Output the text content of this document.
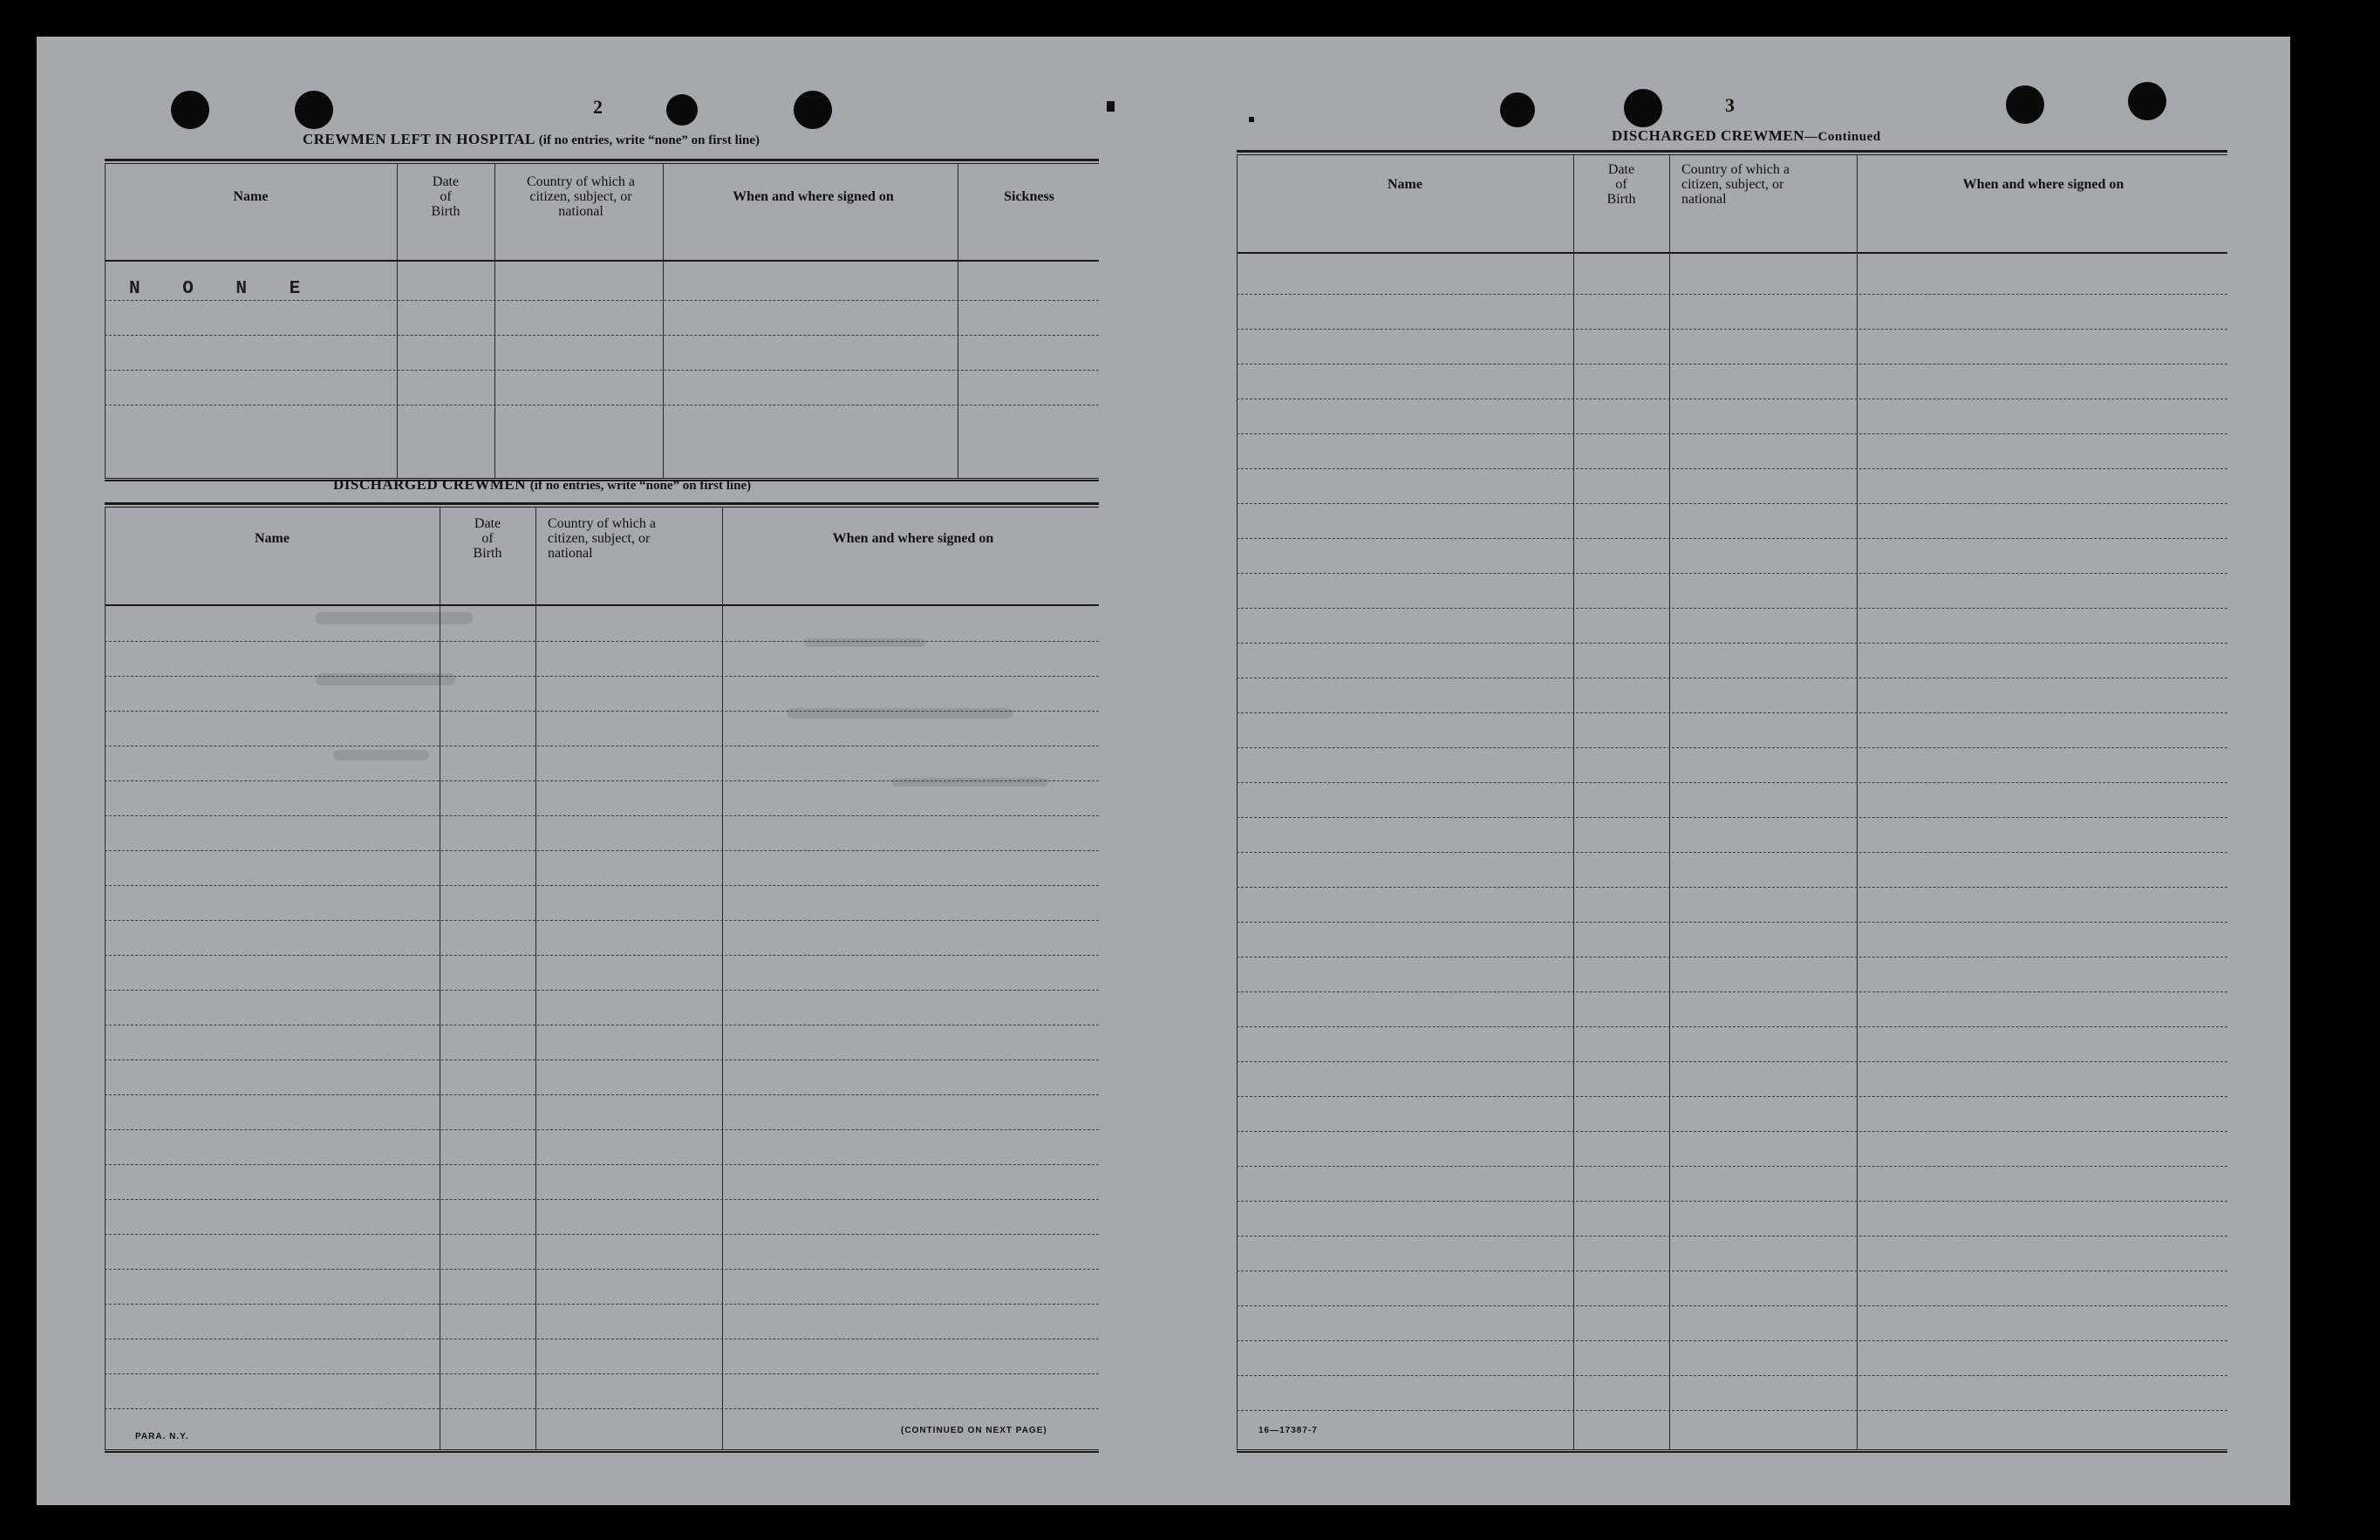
2
CREWMEN LEFT IN HOSPITAL (if no entries, write “none” on first line)
Name
Date
of
Birth
Country of which a
citizen, subject, or
national
When and where signed on	Sickness
N O N E
DISCHARGED CREWMEN (if no entries, write “none” on first line)
Name
Date
of
Birth
Country of which a
citizen, subject, or
national
When and where signed on
PARA. N.Y.
(CONTINUED ON NEXT PAGE)
3
DISCHARGED CREWMEN—Continued
Name
Date
of
Birth
Country of which a
citizen, subject, or
national
When and where signed on
16—17387-7
